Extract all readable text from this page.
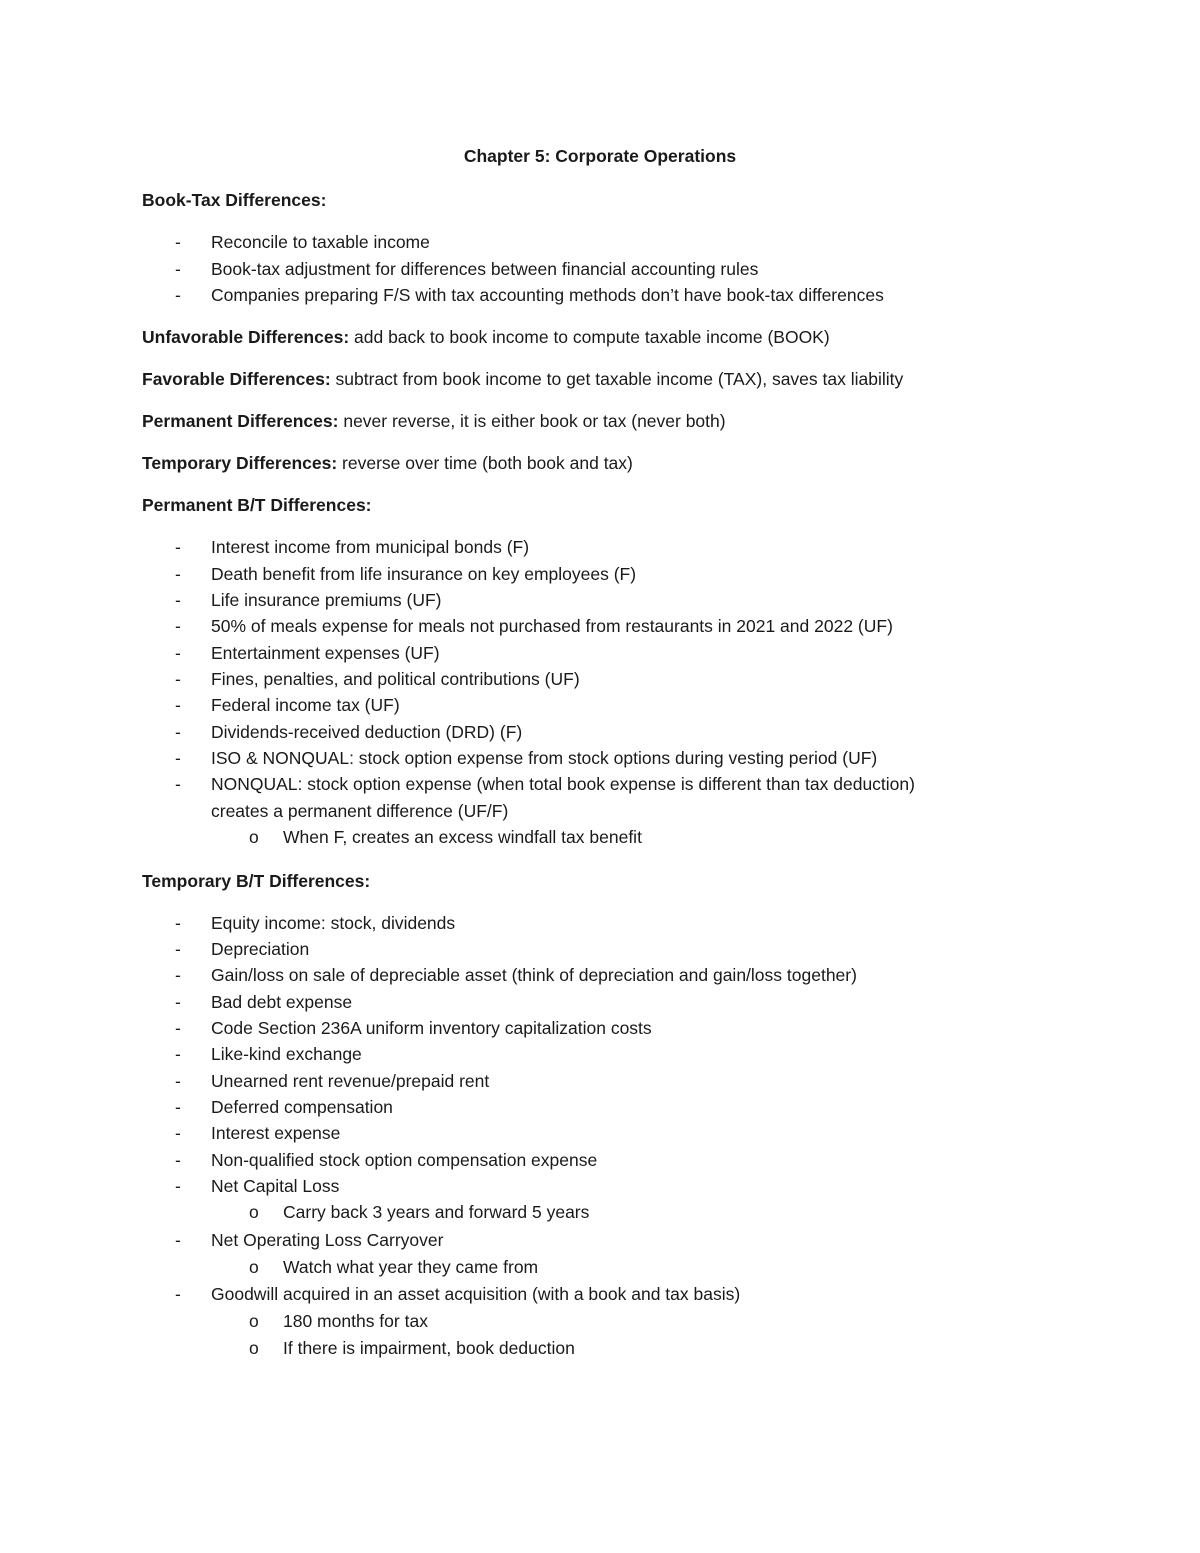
Chapter 5: Corporate Operations
Book-Tax Differences:
- Reconcile to taxable income
- Book-tax adjustment for differences between financial accounting rules
- Companies preparing F/S with tax accounting methods don’t have book-tax differences
Unfavorable Differences: add back to book income to compute taxable income (BOOK)
Favorable Differences: subtract from book income to get taxable income (TAX), saves tax liability
Permanent Differences: never reverse, it is either book or tax (never both)
Temporary Differences: reverse over time (both book and tax)
Permanent B/T Differences:
- Interest income from municipal bonds (F)
- Death benefit from life insurance on key employees (F)
- Life insurance premiums (UF)
- 50% of meals expense for meals not purchased from restaurants in 2021 and 2022 (UF)
- Entertainment expenses (UF)
- Fines, penalties, and political contributions (UF)
- Federal income tax (UF)
- Dividends-received deduction (DRD) (F)
- ISO & NONQUAL: stock option expense from stock options during vesting period (UF)
- NONQUAL: stock option expense (when total book expense is different than tax deduction)
creates a permanent difference (UF/F)
o When F, creates an excess windfall tax benefit
Temporary B/T Differences:
- Equity income: stock, dividends
- Depreciation
- Gain/loss on sale of depreciable asset (think of depreciation and gain/loss together)
- Bad debt expense
- Code Section 236A uniform inventory capitalization costs
- Like-kind exchange
- Unearned rent revenue/prepaid rent
- Deferred compensation
- Interest expense
- Non-qualified stock option compensation expense
- Net Capital Loss
o Carry back 3 years and forward 5 years
- Net Operating Loss Carryover
o Watch what year they came from
- Goodwill acquired in an asset acquisition (with a book and tax basis)
o 180 months for tax
o If there is impairment, book deduction
